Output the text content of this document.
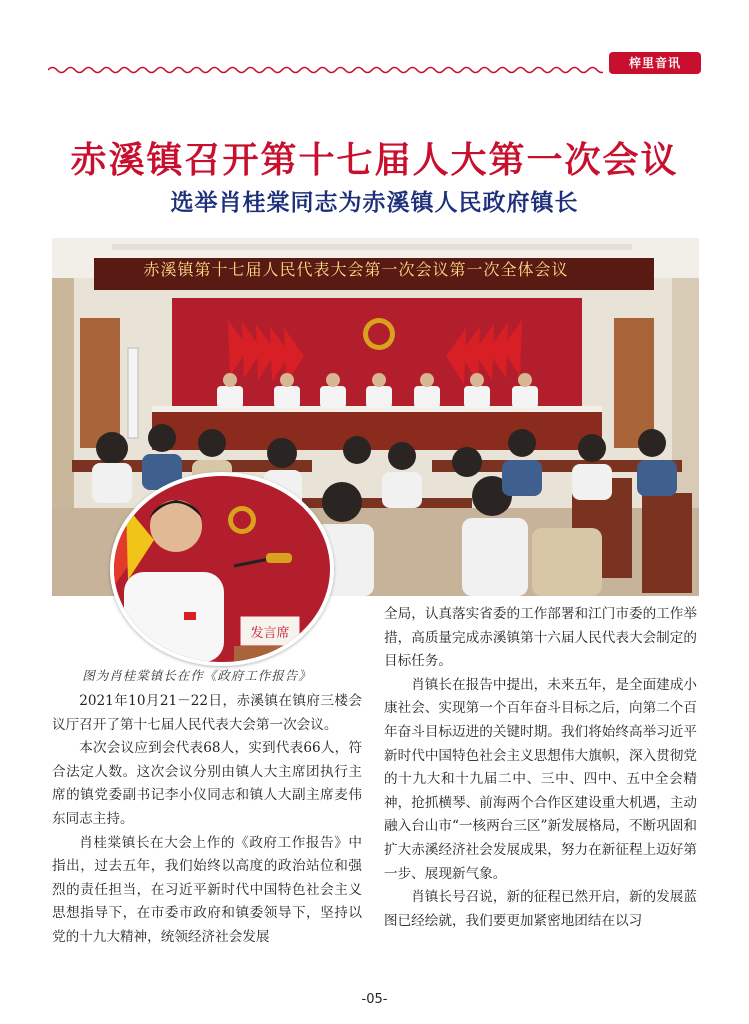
梓里音讯
赤溪镇召开第十七届人大第一次会议
选举肖桂棠同志为赤溪镇人民政府镇长
赤溪镇第十七届人民代表大会第一次会议第一次全体会议
发言席
图为肖桂棠镇长在作《政府工作报告》

2021年10月21－22日，赤溪镇在镇府三楼会议厅召开了第十七届人民代表大会第一次会议。

本次会议应到会代表68人，实到代表66人，符合法定人数。这次会议分别由镇人大主席团执行主席的镇党委副书记李小仪同志和镇人大副主席麦伟东同志主持。

肖桂棠镇长在大会上作的《政府工作报告》中指出，过去五年，我们始终以高度的政治站位和强烈的责任担当，在习近平新时代中国特色社会主义思想指导下，在市委市政府和镇委领导下，坚持以党的十九大精神，统领经济社会发展

全局，认真落实省委的工作部署和江门市委的工作举措，高质量完成赤溪镇第十六届人民代表大会制定的目标任务。

肖镇长在报告中提出，未来五年，是全面建成小康社会、实现第一个百年奋斗目标之后，向第二个百年奋斗目标迈进的关键时期。我们将始终高举习近平新时代中国特色社会主义思想伟大旗帜，深入贯彻党的十九大和十九届二中、三中、四中、五中全会精神，抢抓横琴、前海两个合作区建设重大机遇，主动融入台山市“一核两台三区”新发展格局，不断巩固和扩大赤溪经济社会发展成果，努力在新征程上迈好第一步、展现新气象。

肖镇长号召说，新的征程已然开启，新的发展蓝图已经绘就，我们要更加紧密地团结在以习

-05-
